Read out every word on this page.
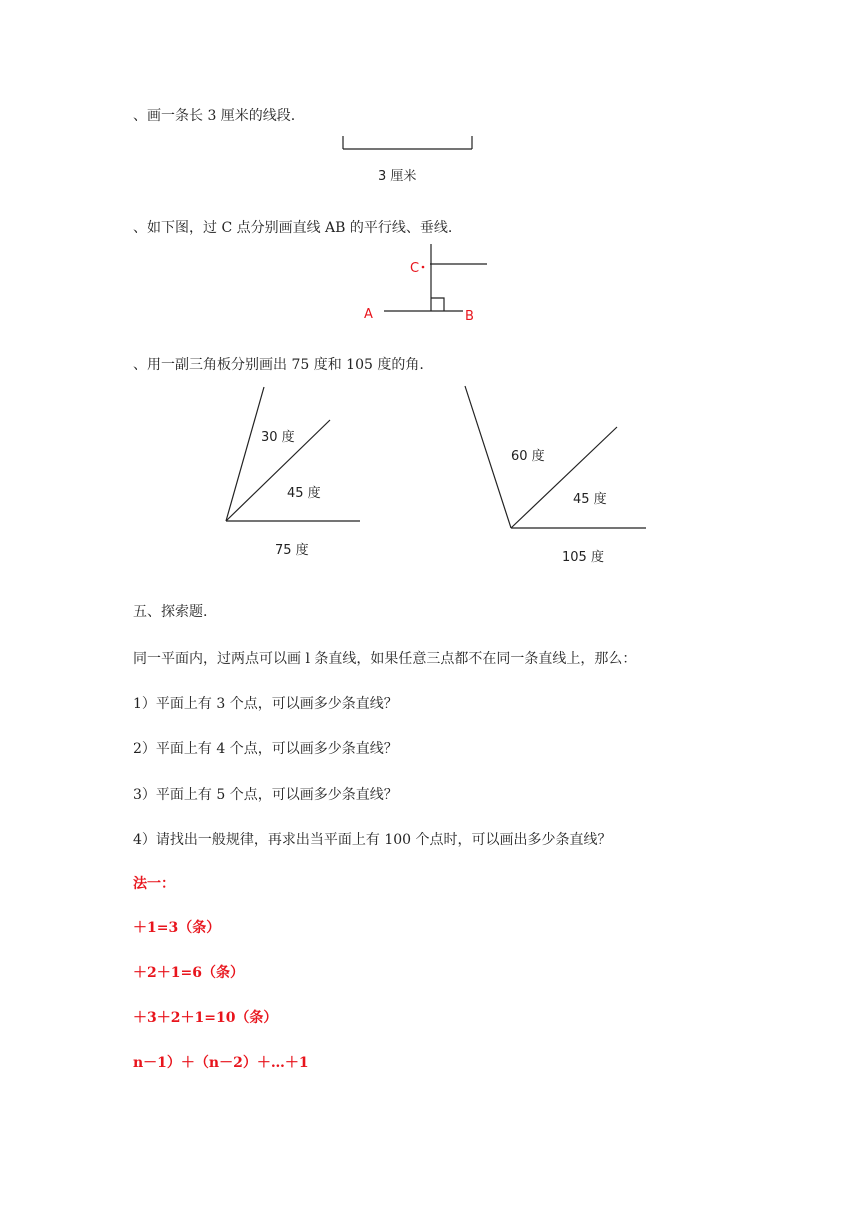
、画一条长 3 厘米的线段.
、如下图，过 C 点分别画直线 AB 的平行线、垂线.
、用一副三角板分别画出 75 度和 105 度的角.
3 厘米
C
A	B
30 度
45 度
75 度
60 度
45 度
105 度
五、探索题.
同一平面内，过两点可以画 l 条直线，如果任意三点都不在同一条直线上，那么：
1）平面上有 3 个点，可以画多少条直线？
2）平面上有 4 个点，可以画多少条直线？
3）平面上有 5 个点，可以画多少条直线？
4）请找出一般规律，再求出当平面上有 100 个点时，可以画出多少条直线？
法一：
＋1=3（条）
＋2＋1=6（条）
＋3＋2＋1=10（条）
n－1）＋（n－2）＋…＋1
